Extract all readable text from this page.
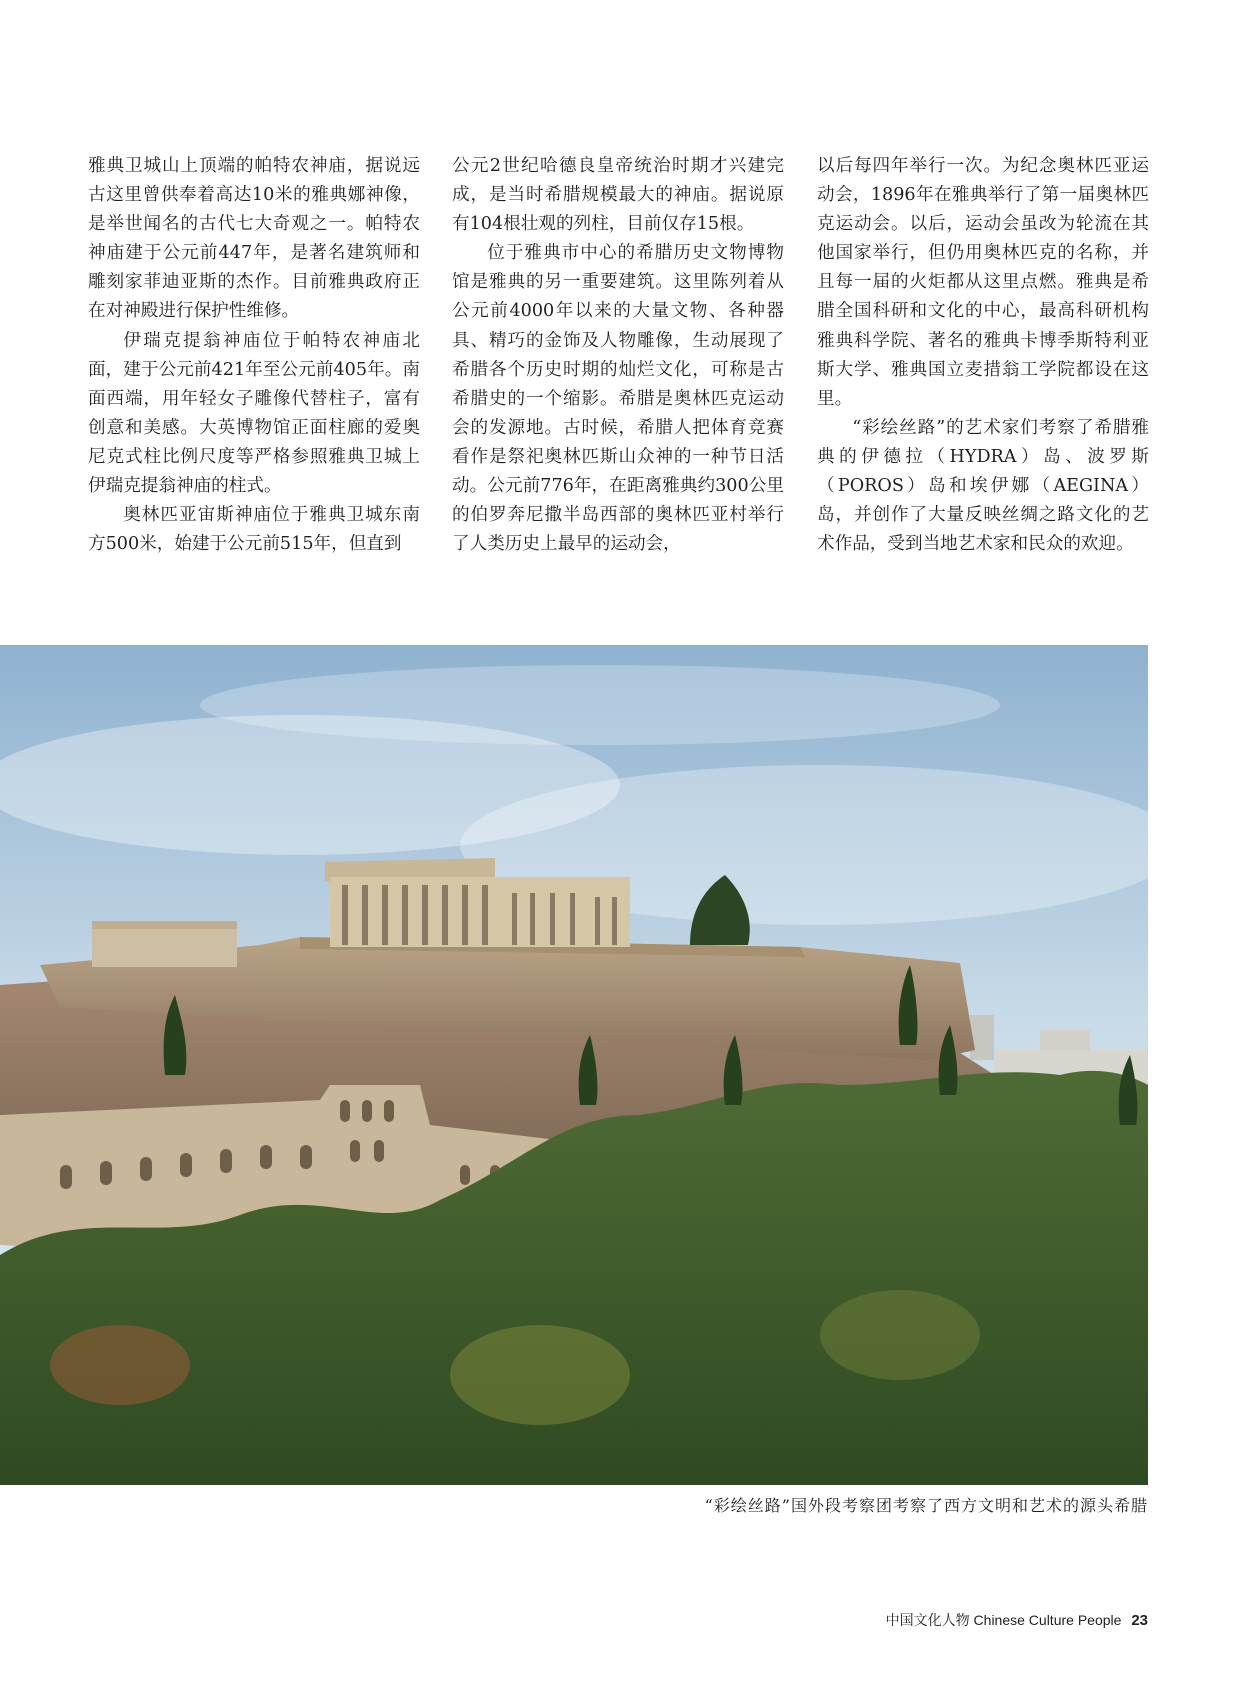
雅典卫城山上顶端的帕特农神庙，据说远古这里曾供奉着高达10米的雅典娜神像，是举世闻名的古代七大奇观之一。帕特农神庙建于公元前447年，是著名建筑师和雕刻家菲迪亚斯的杰作。目前雅典政府正在对神殿进行保护性维修。

伊瑞克提翁神庙位于帕特农神庙北面，建于公元前421年至公元前405年。南面西端，用年轻女子雕像代替柱子，富有创意和美感。大英博物馆正面柱廊的爱奥尼克式柱比例尺度等严格参照雅典卫城上伊瑞克提翁神庙的柱式。

奥林匹亚宙斯神庙位于雅典卫城东南方500米，始建于公元前515年，但直到

公元2世纪哈德良皇帝统治时期才兴建完成，是当时希腊规模最大的神庙。据说原有104根壮观的列柱，目前仅存15根。

位于雅典市中心的希腊历史文物博物馆是雅典的另一重要建筑。这里陈列着从公元前4000年以来的大量文物、各种器具、精巧的金饰及人物雕像，生动展现了希腊各个历史时期的灿烂文化，可称是古希腊史的一个缩影。希腊是奥林匹克运动会的发源地。古时候，希腊人把体育竞赛看作是祭祀奥林匹斯山众神的一种节日活动。公元前776年，在距离雅典约300公里的伯罗奔尼撒半岛西部的奥林匹亚村举行了人类历史上最早的运动会，

以后每四年举行一次。为纪念奥林匹亚运动会，1896年在雅典举行了第一届奥林匹克运动会。以后，运动会虽改为轮流在其他国家举行，但仍用奥林匹克的名称，并且每一届的火炬都从这里点燃。雅典是希腊全国科研和文化的中心，最高科研机构雅典科学院、著名的雅典卡博季斯特利亚斯大学、雅典国立麦措翁工学院都设在这里。

“彩绘丝路”的艺术家们考察了希腊雅典的伊德拉（HYDRA）岛、波罗斯（POROS）岛和埃伊娜（AEGINA）岛，并创作了大量反映丝绸之路文化的艺术作品，受到当地艺术家和民众的欢迎。

“彩绘丝路”国外段考察团考察了西方文明和艺术的源头希腊
中国文化人物 Chinese Culture People 23
